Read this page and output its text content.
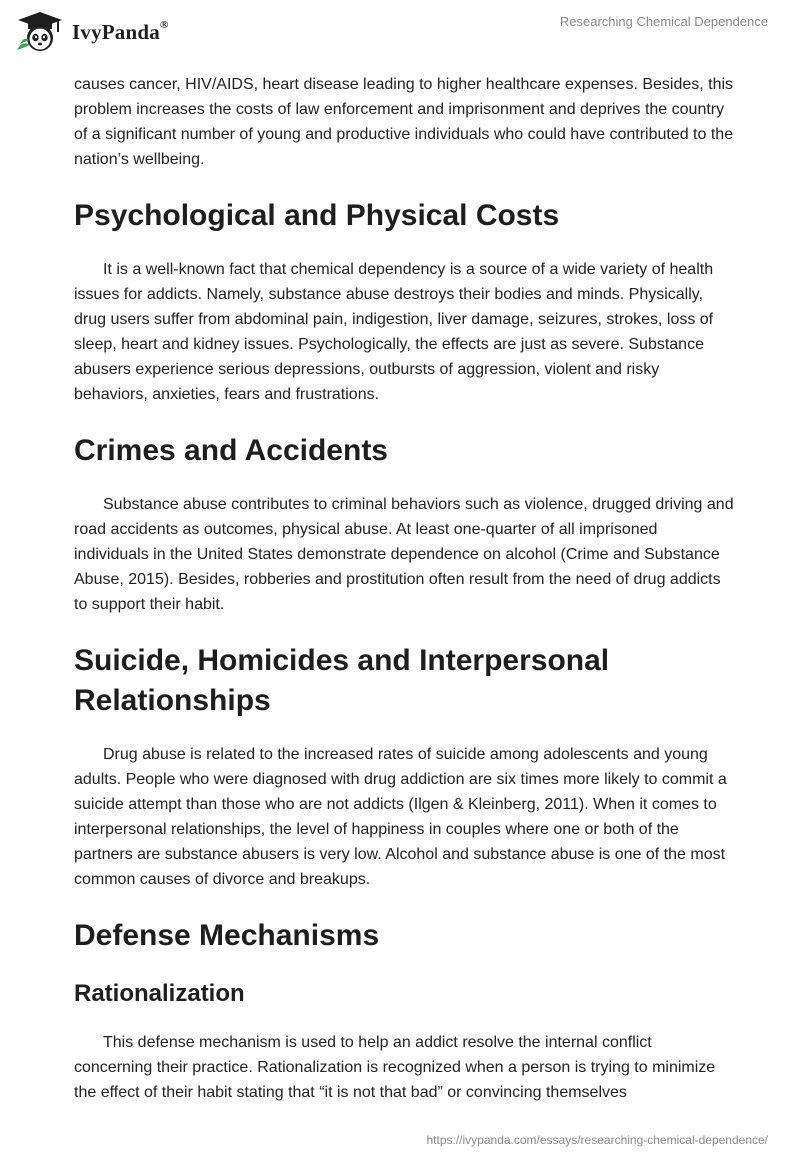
IvyPanda®	Researching Chemical Dependence

causes cancer, HIV/AIDS, heart disease leading to higher healthcare expenses. Besides, this problem increases the costs of law enforcement and imprisonment and deprives the country of a significant number of young and productive individuals who could have contributed to the nation’s wellbeing.

Psychological and Physical Costs

It is a well-known fact that chemical dependency is a source of a wide variety of health issues for addicts. Namely, substance abuse destroys their bodies and minds. Physically, drug users suffer from abdominal pain, indigestion, liver damage, seizures, strokes, loss of sleep, heart and kidney issues. Psychologically, the effects are just as severe. Substance abusers experience serious depressions, outbursts of aggression, violent and risky behaviors, anxieties, fears and frustrations.

Crimes and Accidents

Substance abuse contributes to criminal behaviors such as violence, drugged driving and road accidents as outcomes, physical abuse. At least one-quarter of all imprisoned individuals in the United States demonstrate dependence on alcohol (Crime and Substance Abuse, 2015). Besides, robberies and prostitution often result from the need of drug addicts to support their habit.

Suicide, Homicides and Interpersonal Relationships

Drug abuse is related to the increased rates of suicide among adolescents and young adults. People who were diagnosed with drug addiction are six times more likely to commit a suicide attempt than those who are not addicts (Ilgen & Kleinberg, 2011). When it comes to interpersonal relationships, the level of happiness in couples where one or both of the partners are substance abusers is very low. Alcohol and substance abuse is one of the most common causes of divorce and breakups.

Defense Mechanisms
Rationalization

This defense mechanism is used to help an addict resolve the internal conflict concerning their practice. Rationalization is recognized when a person is trying to minimize the effect of their habit stating that “it is not that bad” or convincing themselves

https://ivypanda.com/essays/researching-chemical-dependence/
